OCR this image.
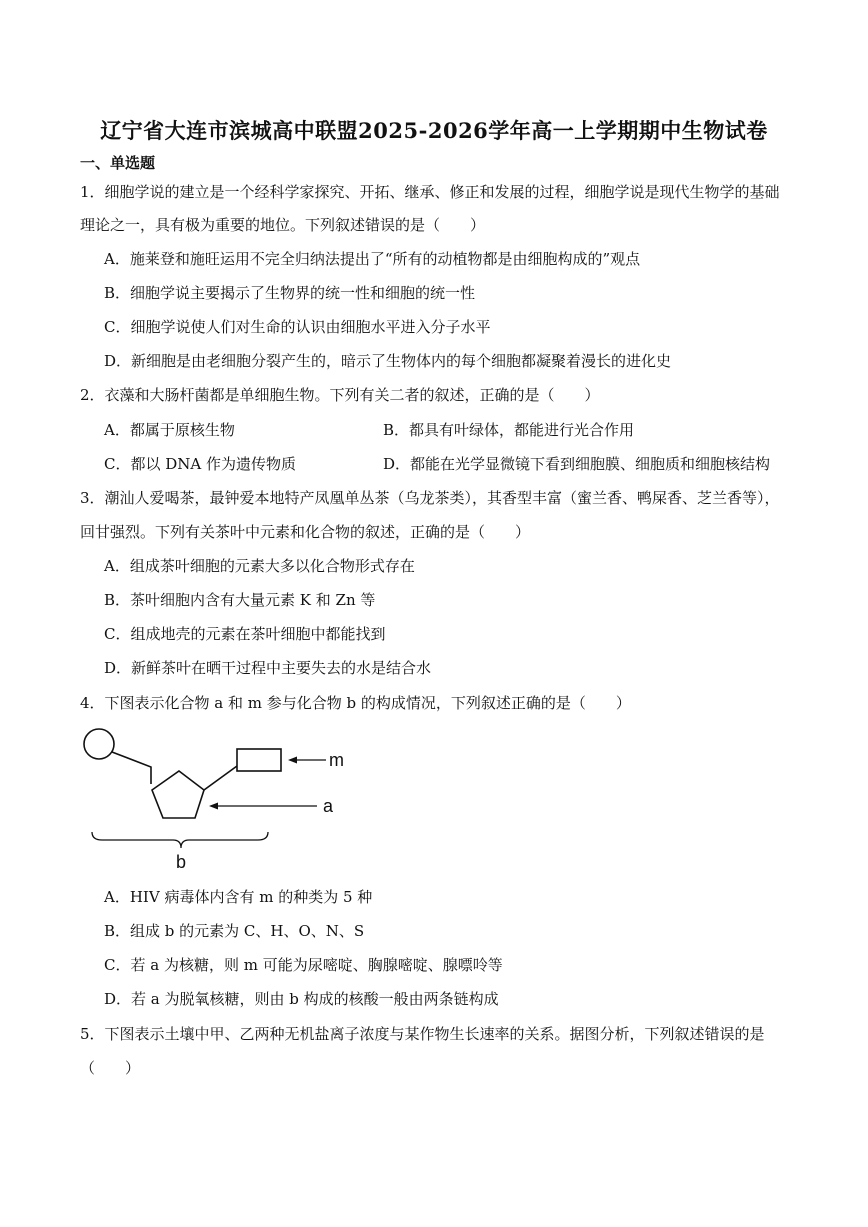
辽宁省大连市滨城高中联盟2025-2026学年高一上学期期中生物试卷
一、单选题
1．细胞学说的建立是一个经科学家探究、开拓、继承、修正和发展的过程，细胞学说是现代生物学的基础
理论之一，具有极为重要的地位。下列叙述错误的是（　　）
A．施莱登和施旺运用不完全归纳法提出了“所有的动植物都是由细胞构成的”观点
B．细胞学说主要揭示了生物界的统一性和细胞的统一性
C．细胞学说使人们对生命的认识由细胞水平进入分子水平
D．新细胞是由老细胞分裂产生的，暗示了生物体内的每个细胞都凝聚着漫长的进化史
2．衣藻和大肠杆菌都是单细胞生物。下列有关二者的叙述，正确的是（　　）
A．都属于原核生物	B．都具有叶绿体，都能进行光合作用
C．都以 DNA 作为遗传物质	D．都能在光学显微镜下看到细胞膜、细胞质和细胞核结构
3．潮汕人爱喝茶，最钟爱本地特产凤凰单丛茶（乌龙茶类），其香型丰富（蜜兰香、鸭屎香、芝兰香等），
回甘强烈。下列有关茶叶中元素和化合物的叙述，正确的是（　　）
A．组成茶叶细胞的元素大多以化合物形式存在
B．茶叶细胞内含有大量元素 K 和 Zn 等
C．组成地壳的元素在茶叶细胞中都能找到
D．新鲜茶叶在晒干过程中主要失去的水是结合水
4．下图表示化合物 a 和 m 参与化合物 b 的构成情况，下列叙述正确的是（　　）
m
a
b
A．HIV 病毒体内含有 m 的种类为 5 种
B．组成 b 的元素为 C、H、O、N、S
C．若 a 为核糖，则 m 可能为尿嘧啶、胸腺嘧啶、腺嘌呤等
D．若 a 为脱氧核糖，则由 b 构成的核酸一般由两条链构成
5．下图表示土壤中甲、乙两种无机盐离子浓度与某作物生长速率的关系。据图分析，下列叙述错误的是
（　　）
